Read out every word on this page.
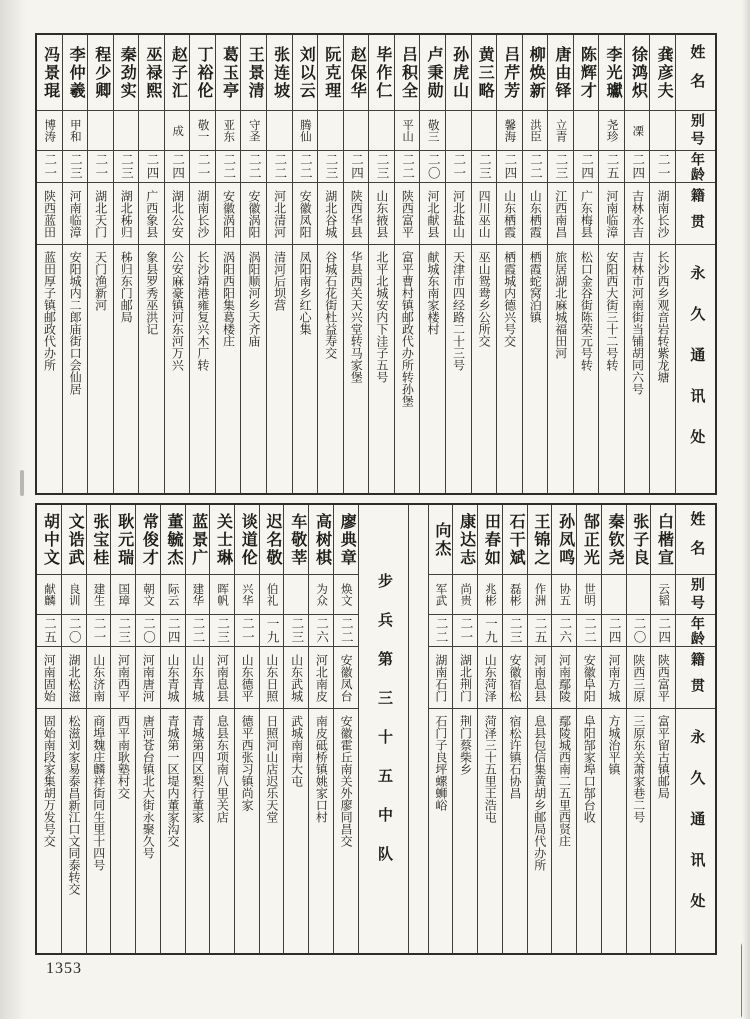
姓名
别号
年龄
籍贯
永久通讯处
龚彦夫
二一
湖南长沙
长沙西乡观音岩转紫龙塘
徐鸿炽
凓
二四
吉林永吉
吉林市河南街当铺胡同六号
李光瓛
尧珍
二五
河南临漳
安阳西大街三十二号转
陈辉才
二四
广东梅县
松口金谷街陈荣元号转
唐由铎
立青
二三
江西南昌
旅居湖北麻城福田河
柳焕新
洪臣
二二
山东栖霞
栖霞蛇窝泊镇
吕芹芳
馨海
二四
山东栖霞
栖霞城内德兴号交
黄三略
二三
四川巫山
巫山鸳鸯乡公所交
孙虎山
二一
河北盐山
天津市四经路二十三号
卢秉勋
敬三
二〇
河北献县
献城东南家楼村
吕积全
平山
二二
陕西富平
富平曹村镇邮政代办所转孙堡
毕作仁
二三
山东掖县
北平北城安内下洼子五号
赵保华
二四
陕西华县
华县西关天兴堂转马家堡
阮克理
二三
湖北谷城
谷城石花街杜益寿交
刘以云
腾仙
二二
安徽凤阳
凤阳南乡红心集
张连坡
二二
河北清河
清河后坝营
王景清
守圣
二二
安徽涡阳
涡阳顺河乡天齐庙
葛玉亭
亚东
二二
安徽涡阳
涡阳西阳集葛楼庄
丁裕伦
敬一
二一
湖南长沙
长沙靖港雍复兴木厂转
赵子汇
成
二四
湖北公安
公安麻豪镇河东河万兴
巫禄熙
二四
广西象县
象县罗秀巫洪记
秦劲实
二三
湖北秭归
秭归东门邮局
程少卿
二一
湖北天门
天门渔新河
李仲羲
甲和
二三
河南临漳
安阳城内二郎庙街口会仙居
冯景琨
博涛
二一
陕西蓝田
蓝田厚子镇邮政代办所
姓名
别号
年龄
籍贯
永久通讯处
白楷宣
云韬
二四
陕西富平
富平留古镇邮局
张子良
二〇
陕西三原
三原东关萧家巷二号
秦钦尧
二四
河南方城
方城治平镇
郜正光
世明
二二
安徽阜阳
阜阳郜家埠口郜台收
孙凤鸣
协五
二六
河南鄢陵
鄢陵城西南二五里西贤庄
王锦之
作洲
二五
河南息县
息县包信集黄胡乡邮局代办所
石干斌
磊彬
二三
安徽宿松
宿松许镇石协昌
田春如
兆彬
一九
山东菏泽
菏泽三十五里王浩屯
康达志
尚贵
二一
湖北荆门
荆门蔡柴乡
向杰
军武
二二
湖南石门
石门子良坪螺蛳峪
步兵第三十五中队
廖典章
焕文
二二
安徽凤台
安徽霍丘南关外廖同昌交
高树棋
为众
二六
河北南皮
南皮砥桥镇姚家口村
车敬莘
二三
山东武城
武城南南大屯
迟名敬
伯礼
一九
山东日照
日照河山店迟乐天堂
谈道伦
兴华
二一
山东德平
德平西张习镇尚家
关士琳
晖帆
二三
河南息县
息县东项南八里关店
蓝景广
建华
二二
山东青城
青城第四区梨行董家
董毓杰
际云
二四
山东青城
青城第一区堤内董家沟交
常俊才
朝文
二〇
河南唐河
唐河苍台镇北大街永聚久号
耿元瑞
国璋
二三
河南西平
西平南耿塾村交
张宝桂
建生
二一
山东济南
商埠魏庄麟祥街同生里十四号
文诰武
良训
二〇
湖北松滋
松滋刘家易泰昌新江口文同泰转交
胡中文
献麟
二五
河南固始
固始南段家集胡万发号交
1353
